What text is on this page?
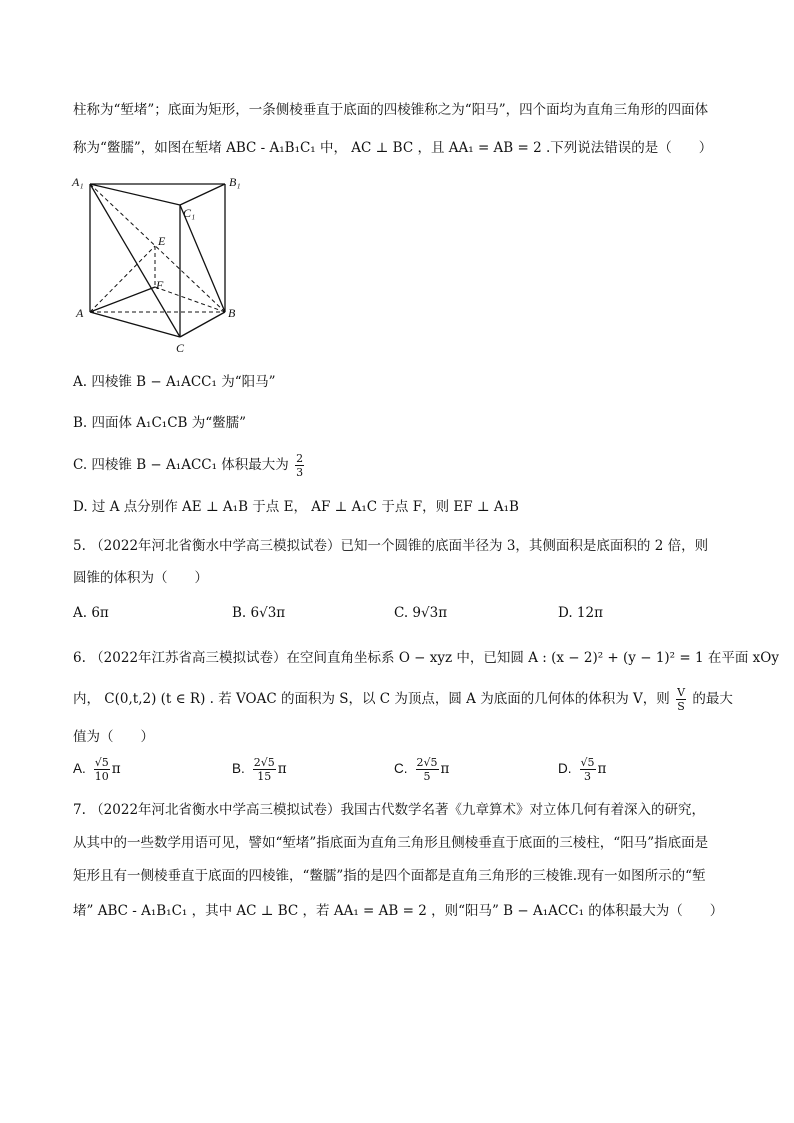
柱称为“堑堵”；底面为矩形，一条侧棱垂直于底面的四棱锥称之为“阳马”，四个面均为直角三角形的四面体
称为“鳖臑”，如图在堑堵 ABC - A₁B₁C₁ 中， AC ⊥ BC ，且 AA₁ = AB = 2 .下列说法错误的是（　　）
A₁	B₁
C₁
E
F
A	B
C
A. 四棱锥 B − A₁ACC₁ 为“阳马”
B. 四面体 A₁C₁CB 为“鳖臑”
C. 四棱锥 B − A₁ACC₁ 体积最大为 $\frac{2}{3}$
D. 过 A 点分别作 AE ⊥ A₁B 于点 E， AF ⊥ A₁C 于点 F，则 EF ⊥ A₁B
5. （2022年河北省衡水中学高三模拟试卷）已知一个圆锥的底面半径为 3，其侧面积是底面积的 2 倍，则
圆锥的体积为（　　）
A. 6π	B. 6√3π	C. 9√3π	D. 12π
6. （2022年江苏省高三模拟试卷）在空间直角坐标系 O − xyz 中，已知圆 A : (x − 2)² + (y − 1)² = 1 在平面 xOy
内， C(0,t,2) (t ∈ R) . 若 VOAC 的面积为 S，以 C 为顶点，圆 A 为底面的几何体的体积为 V，则 $\frac{V}{S}$ 的最大
值为（　　）
A. $\frac{√5}{10}$ π	B. $\frac{2√5}{15}$ π	C. $\frac{2√5}{5}$ π	D. $\frac{√5}{3}$ π
7. （2022年河北省衡水中学高三模拟试卷）我国古代数学名著《九章算术》对立体几何有着深入的研究，
从其中的一些数学用语可见，譬如“堑堵”指底面为直角三角形且侧棱垂直于底面的三棱柱，“阳马”指底面是
矩形且有一侧棱垂直于底面的四棱锥，“鳖臑”指的是四个面都是直角三角形的三棱锥.现有一如图所示的“堑
堵” ABC - A₁B₁C₁ ，其中 AC ⊥ BC ，若 AA₁ = AB = 2 ，则“阳马” B − A₁ACC₁ 的体积最大为（　　）
